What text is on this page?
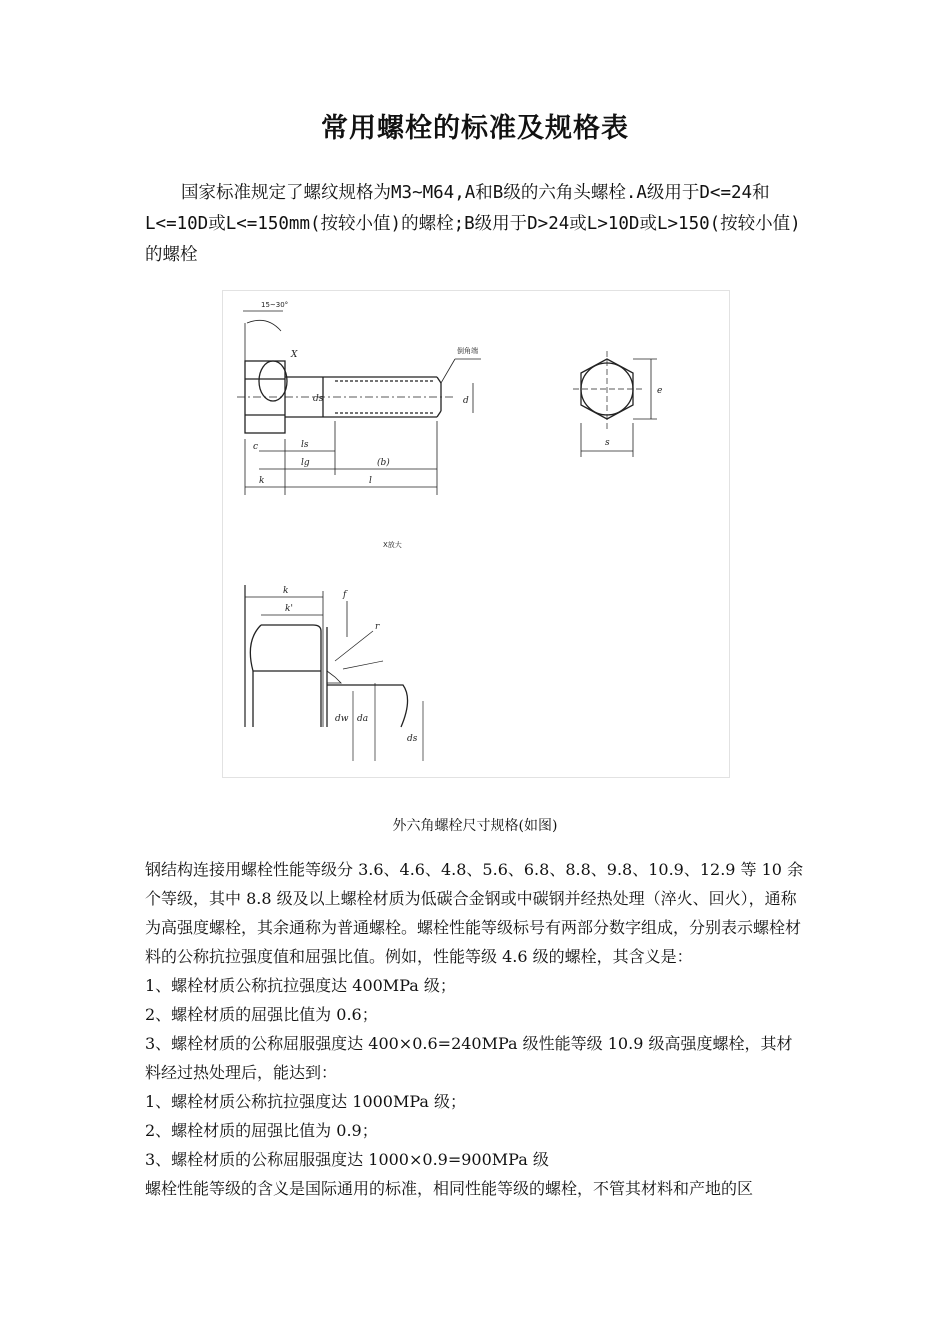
常用螺栓的标准及规格表
国家标准规定了螺纹规格为M3~M64,A和B级的六角头螺栓.A级用于D<=24和L<=10D或L<=150mm(按较小值)的螺栓;B级用于D>24或L>10D或L>150(按较小值)的螺栓
15~30°
X	倒角端
ds	d
e
s
c	ls
lg	(b)
l
k
X放大
k
k'
f
r
dw da
ds
外六角螺栓尺寸规格(如图)

钢结构连接用螺栓性能等级分 3.6、4.6、4.8、5.6、6.8、8.8、9.8、10.9、12.9 等 10 余个等级，其中 8.8 级及以上螺栓材质为低碳合金钢或中碳钢并经热处理（淬火、回火），通称为高强度螺栓，其余通称为普通螺栓。螺栓性能等级标号有两部分数字组成，分别表示螺栓材料的公称抗拉强度值和屈强比值。例如，性能等级 4.6 级的螺栓，其含义是：

1、螺栓材质公称抗拉强度达 400MPa 级；

2、螺栓材质的屈强比值为 0.6；

3、螺栓材质的公称屈服强度达 400×0.6=240MPa 级性能等级 10.9 级高强度螺栓，其材料经过热处理后，能达到：

1、螺栓材质公称抗拉强度达 1000MPa 级；

2、螺栓材质的屈强比值为 0.9；

3、螺栓材质的公称屈服强度达 1000×0.9=900MPa 级

螺栓性能等级的含义是国际通用的标准，相同性能等级的螺栓，不管其材料和产地的区
